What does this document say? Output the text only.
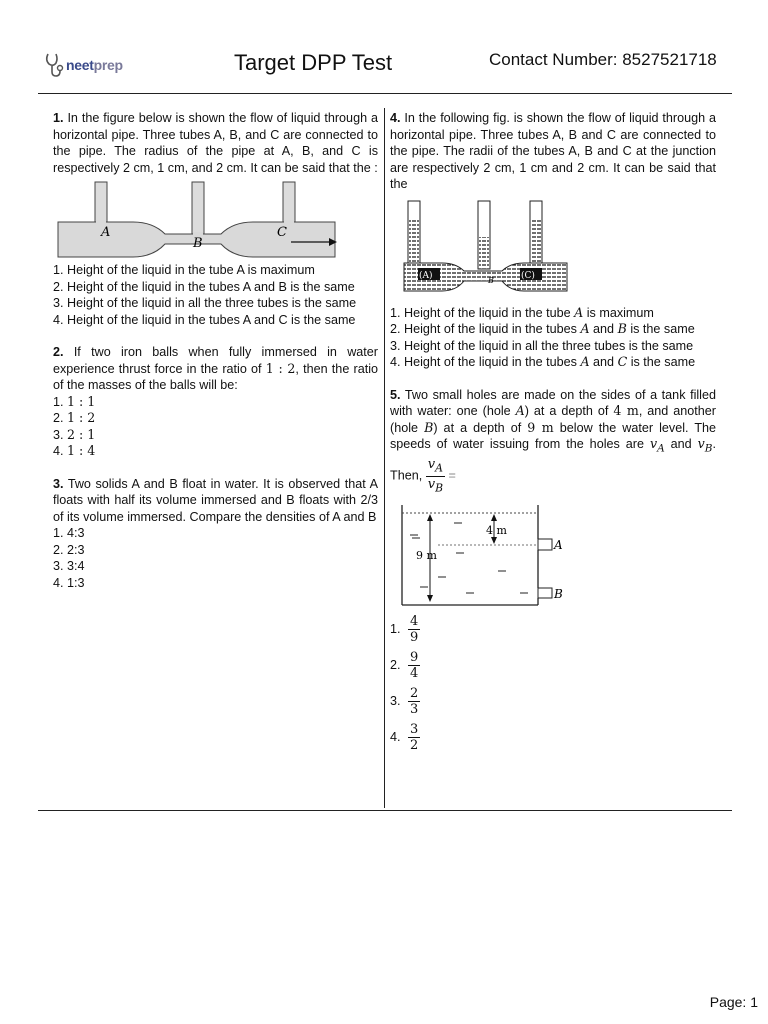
neetprep	Target DPP Test	Contact Number: 8527521718

1. In the figure below is shown the flow of liquid through a horizontal pipe. Three tubes A, B, and C are connected to the pipe. The radius of the pipe at A, B, and C is respectively 2 cm, 1 cm, and 2 cm. It can be said that the :

A
B
C

1. Height of the liquid in the tube A is maximum

2. Height of the liquid in the tubes A and B is the same

3. Height of the liquid in all the three tubes is the same

4. Height of the liquid in the tubes A and C is the same

2. If two iron balls when fully immersed in water experience thrust force in the ratio of 1 : 2, then the ratio of the masses of the balls will be:

1. 1 : 1

2. 1 : 2

3. 2 : 1

4. 1 : 4

3. Two solids A and B float in water. It is observed that A floats with half its volume immersed and B floats with 2/3 of its volume immersed. Compare the densities of A and B

1. 4:3

2. 2:3

3. 3:4

4. 1:3

4. In the following fig. is shown the flow of liquid through a horizontal pipe. Three tubes A, B and C are connected to the pipe. The radii of the tubes A, B and C at the junction are respectively 2 cm, 1 cm and 2 cm. It can be said that the

(A)	B	(C)

1. Height of the liquid in the tube A is maximum

2. Height of the liquid in the tubes A and B is the same

3. Height of the liquid in all the three tubes is the same

4. Height of the liquid in the tubes A and C is the same

5. Two small holes are made on the sides of a tank filled with water: one (hole A) at a depth of 4 m, and another (hole B) at a depth of 9 m below the water level. The speeds of water issuing from the holes are $v_A$ and $v_B$. Then, $\frac{v_A}{v_B}$ =

4 m
9 m
A
B
1. $\frac{4}{9}$
2. $\frac{9}{4}$
3. $\frac{2}{3}$
4. $\frac{3}{2}$
Page: 1
